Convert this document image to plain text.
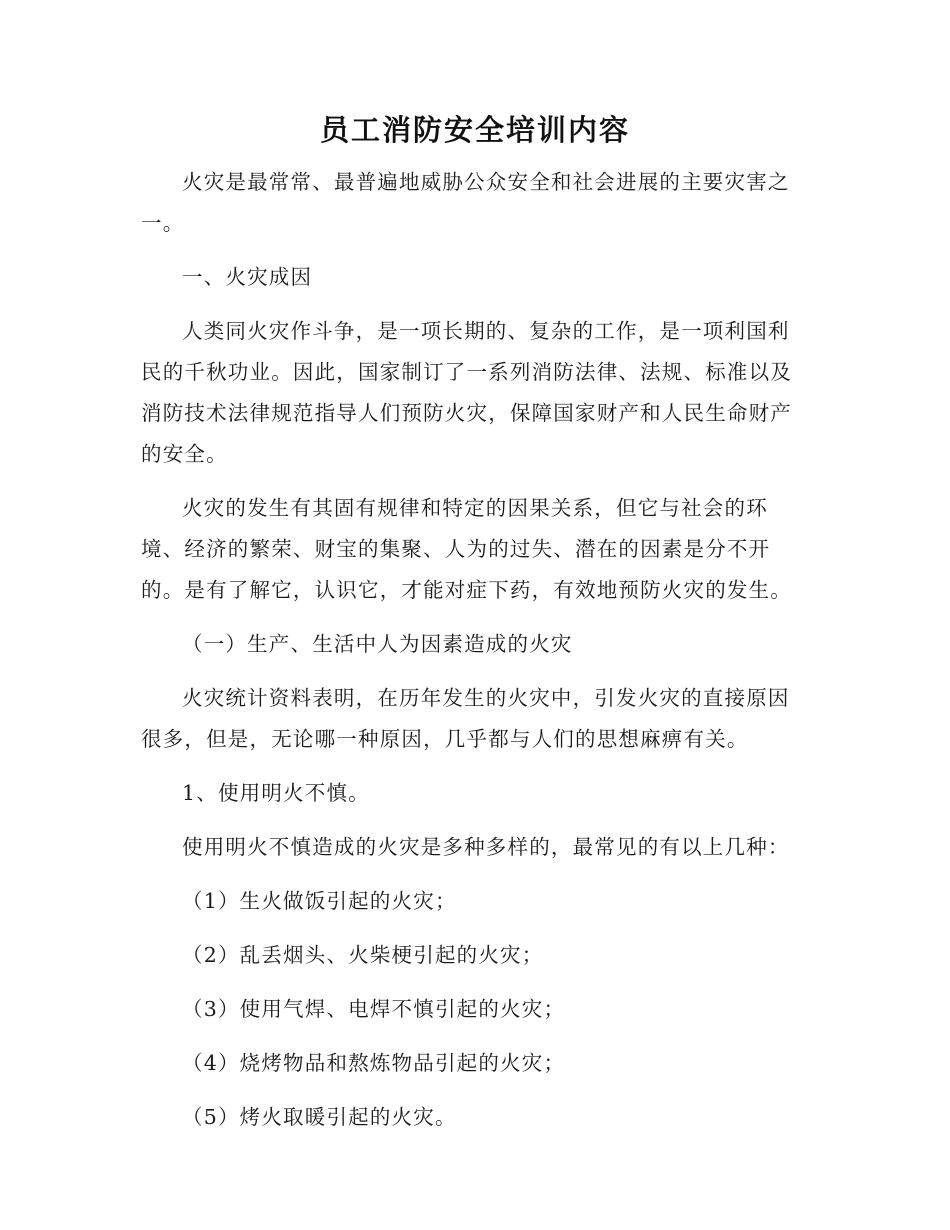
员工消防安全培训内容

火灾是最常常、最普遍地威胁公众安全和社会进展的主要灾害之一。

一、火灾成因

人类同火灾作斗争，是一项长期的、复杂的工作，是一项利国利民的千秋功业。因此，国家制订了一系列消防法律、法规、标准以及消防技术法律规范指导人们预防火灾，保障国家财产和人民生命财产的安全。

火灾的发生有其固有规律和特定的因果关系，但它与社会的环境、经济的繁荣、财宝的集聚、人为的过失、潜在的因素是分不开的。是有了解它，认识它，才能对症下药，有效地预防火灾的发生。

（一）生产、生活中人为因素造成的火灾

火灾统计资料表明，在历年发生的火灾中，引发火灾的直接原因很多，但是，无论哪一种原因，几乎都与人们的思想麻痹有关。

1、使用明火不慎。

使用明火不慎造成的火灾是多种多样的，最常见的有以上几种：

（1）生火做饭引起的火灾；

（2）乱丢烟头、火柴梗引起的火灾；

（3）使用气焊、电焊不慎引起的火灾；

（4）烧烤物品和熬炼物品引起的火灾；

（5）烤火取暖引起的火灾。
